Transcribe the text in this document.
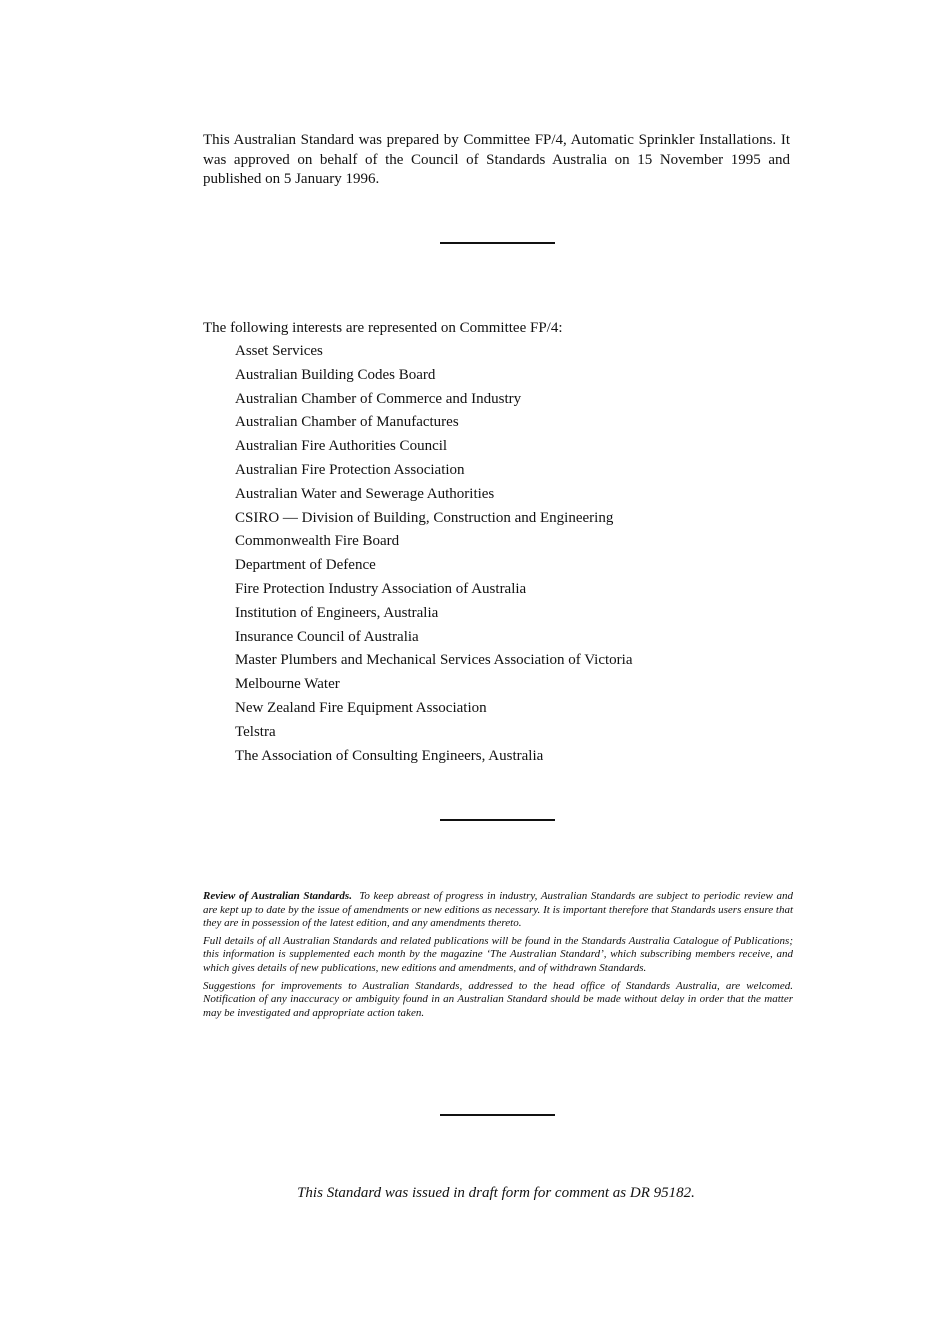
This Australian Standard was prepared by Committee FP/4, Automatic Sprinkler Installations. It was approved on behalf of the Council of Standards Australia on 15 November 1995 and published on 5 January 1996.

The following interests are represented on Committee FP/4:

Asset Services
Australian Building Codes Board
Australian Chamber of Commerce and Industry
Australian Chamber of Manufactures
Australian Fire Authorities Council
Australian Fire Protection Association
Australian Water and Sewerage Authorities
CSIRO — Division of Building, Construction and Engineering
Commonwealth Fire Board
Department of Defence
Fire Protection Industry Association of Australia
Institution of Engineers, Australia
Insurance Council of Australia
Master Plumbers and Mechanical Services Association of Victoria
Melbourne Water
New Zealand Fire Equipment Association
Telstra
The Association of Consulting Engineers, Australia

Review of Australian Standards. To keep abreast of progress in industry, Australian Standards are subject to periodic review and are kept up to date by the issue of amendments or new editions as necessary. It is important therefore that Standards users ensure that they are in possession of the latest edition, and any amendments thereto.

Full details of all Australian Standards and related publications will be found in the Standards Australia Catalogue of Publications; this information is supplemented each month by the magazine ‘The Australian Standard’, which subscribing members receive, and which gives details of new publications, new editions and amendments, and of withdrawn Standards.

Suggestions for improvements to Australian Standards, addressed to the head office of Standards Australia, are welcomed. Notification of any inaccuracy or ambiguity found in an Australian Standard should be made without delay in order that the matter may be investigated and appropriate action taken.

This Standard was issued in draft form for comment as DR 95182.
